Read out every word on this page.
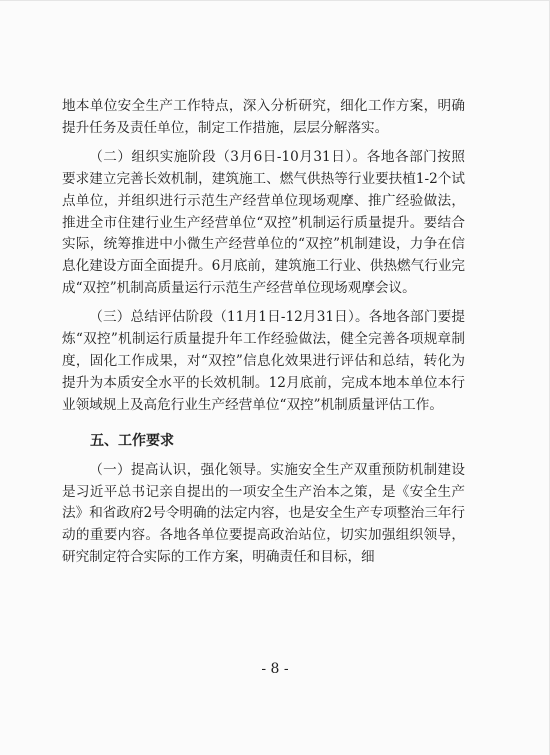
地本单位安全生产工作特点，深入分析研究，细化工作方案，明确提升任务及责任单位，制定工作措施，层层分解落实。

（二）组织实施阶段（3月6日-10月31日）。各地各部门按照要求建立完善长效机制，建筑施工、燃气供热等行业要扶植1-2个试点单位，并组织进行示范生产经营单位现场观摩、推广经验做法，推进全市住建行业生产经营单位“双控”机制运行质量提升。要结合实际，统筹推进中小微生产经营单位的“双控”机制建设，力争在信息化建设方面全面提升。6月底前，建筑施工行业、供热燃气行业完成“双控”机制高质量运行示范生产经营单位现场观摩会议。

（三）总结评估阶段（11月1日-12月31日）。各地各部门要提炼“双控”机制运行质量提升年工作经验做法，健全完善各项规章制度，固化工作成果，对“双控”信息化效果进行评估和总结，转化为提升为本质安全水平的长效机制。12月底前，完成本地本单位本行业领域规上及高危行业生产经营单位“双控”机制质量评估工作。

五、工作要求

（一）提高认识，强化领导。实施安全生产双重预防机制建设是习近平总书记亲自提出的一项安全生产治本之策，是《安全生产法》和省政府2号令明确的法定内容，也是安全生产专项整治三年行动的重要内容。各地各单位要提高政治站位，切实加强组织领导，研究制定符合实际的工作方案，明确责任和目标，细

- 8 -
